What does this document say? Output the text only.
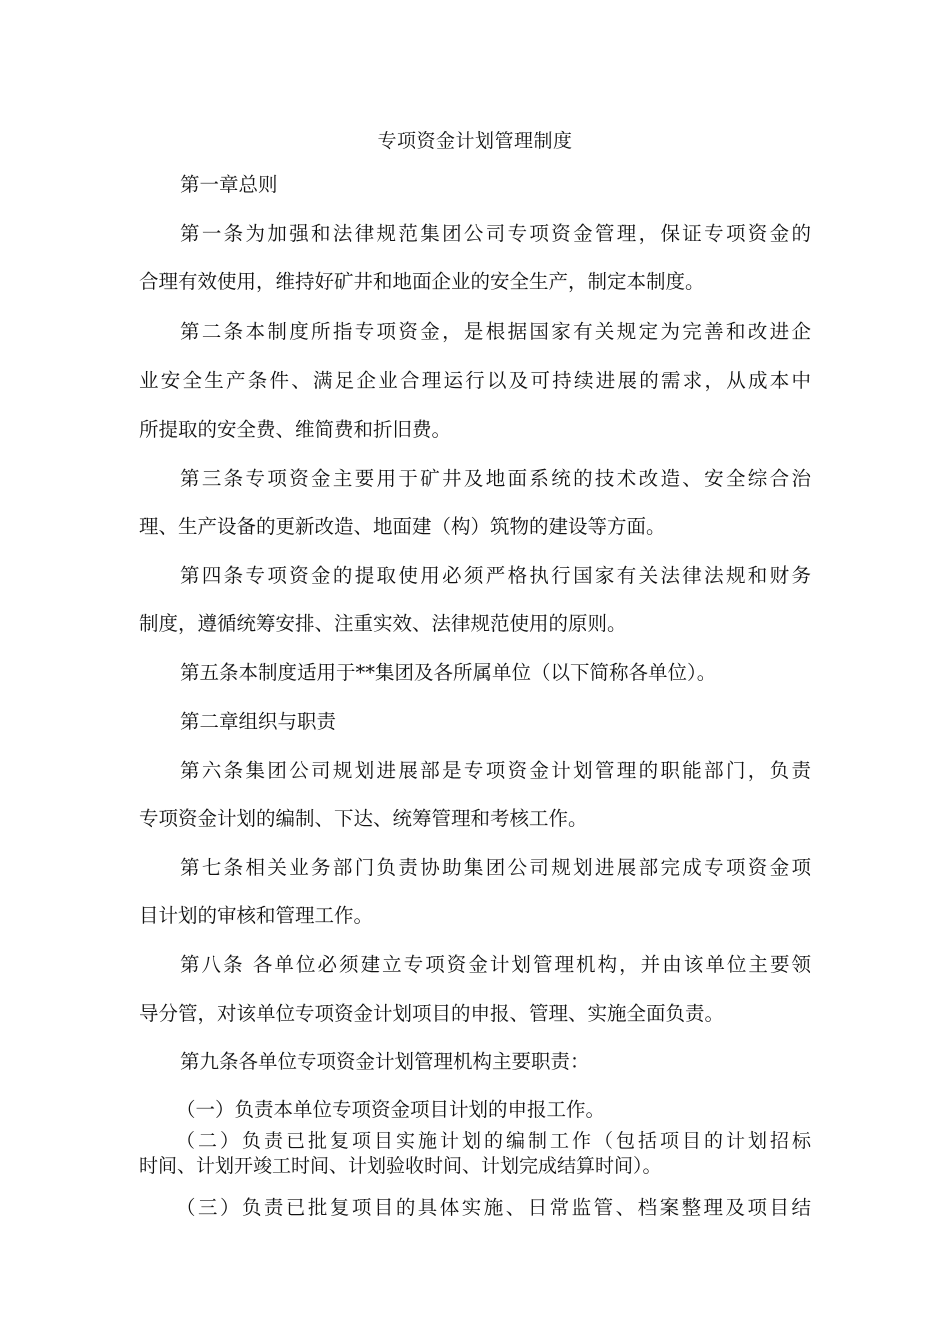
专项资金计划管理制度
第一章总则
第一条为加强和法律规范集团公司专项资金管理，保证专项资金的
合理有效使用，维持好矿井和地面企业的安全生产，制定本制度。
第二条本制度所指专项资金，是根据国家有关规定为完善和改进企
业安全生产条件、满足企业合理运行以及可持续进展的需求，从成本中
所提取的安全费、维简费和折旧费。
第三条专项资金主要用于矿井及地面系统的技术改造、安全综合治
理、生产设备的更新改造、地面建（构）筑物的建设等方面。
第四条专项资金的提取使用必须严格执行国家有关法律法规和财务
制度，遵循统筹安排、注重实效、法律规范使用的原则。
第五条本制度适用于**集团及各所属单位（以下简称各单位）。
第二章组织与职责
第六条集团公司规划进展部是专项资金计划管理的职能部门，负责
专项资金计划的编制、下达、统筹管理和考核工作。
第七条相关业务部门负责协助集团公司规划进展部完成专项资金项
目计划的审核和管理工作。
第八条 各单位必须建立专项资金计划管理机构，并由该单位主要领
导分管，对该单位专项资金计划项目的申报、管理、实施全面负责。
第九条各单位专项资金计划管理机构主要职责：
（一）负责本单位专项资金项目计划的申报工作。
（二）负责已批复项目实施计划的编制工作（包括项目的计划招标
时间、计划开竣工时间、计划验收时间、计划完成结算时间）。
（三）负责已批复项目的具体实施、日常监管、档案整理及项目结
